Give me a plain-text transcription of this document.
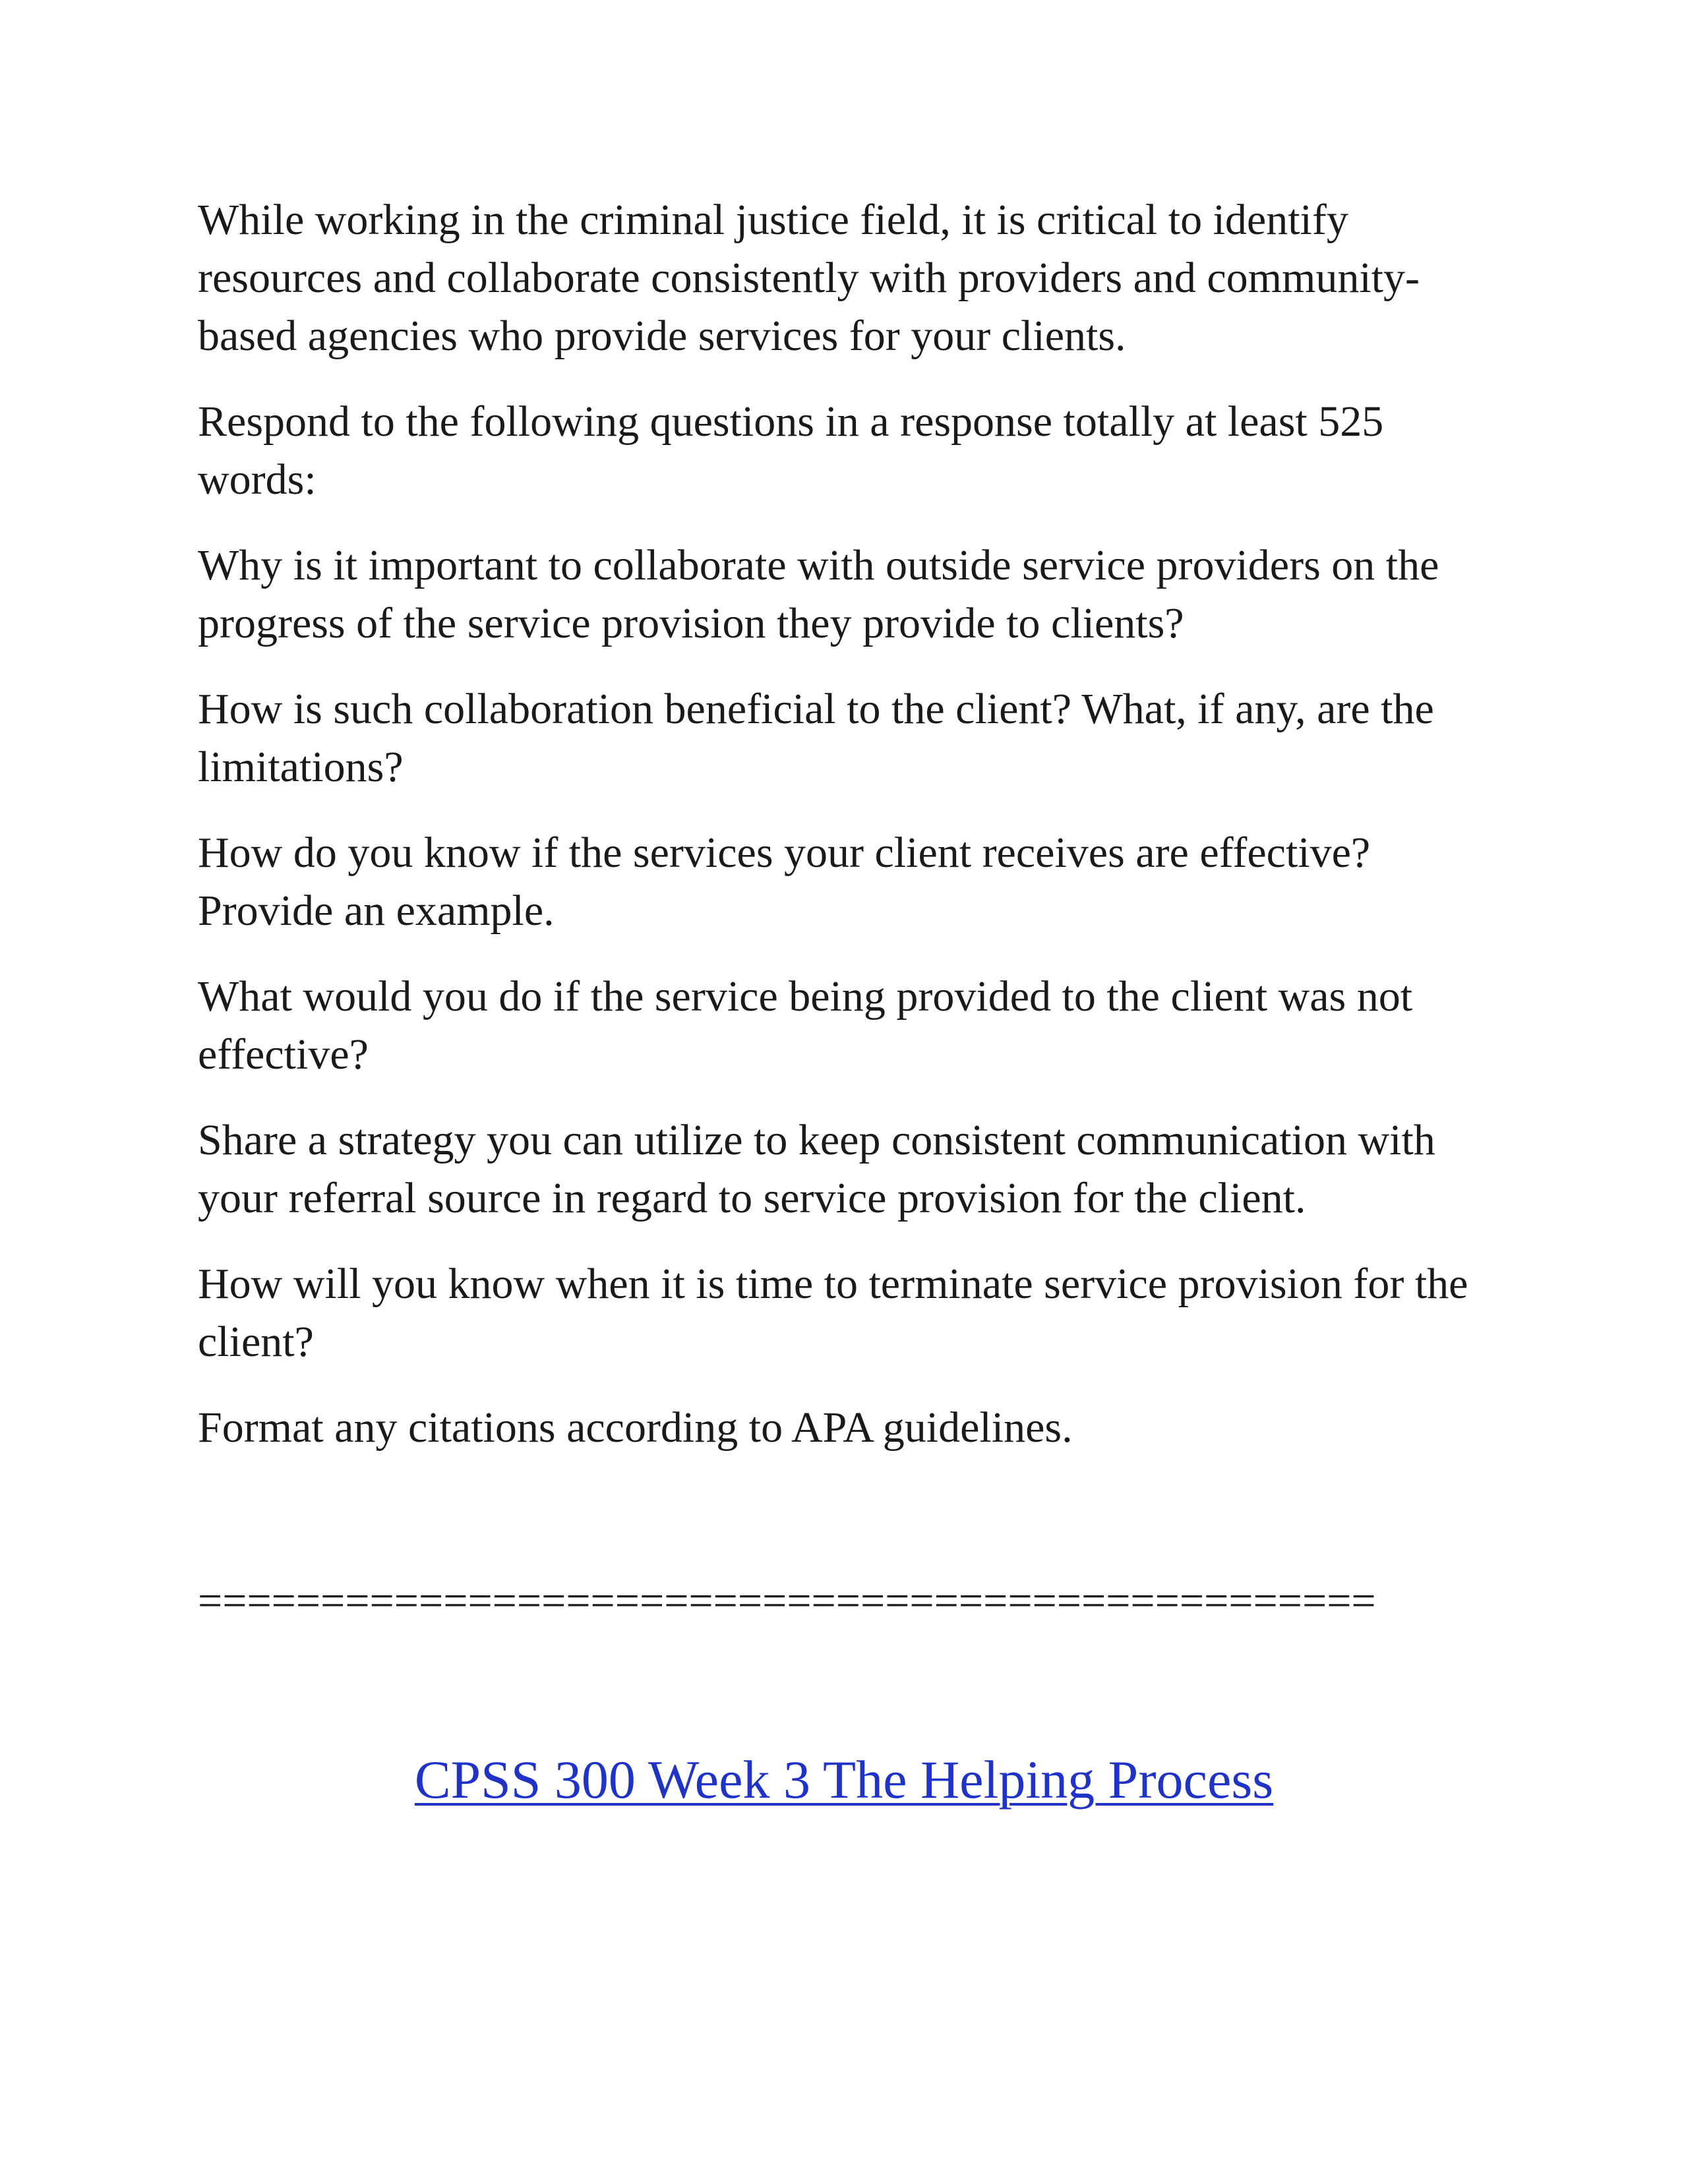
While working in the criminal justice field, it is critical to identify
resources and collaborate consistently with providers and community-
based agencies who provide services for your clients.

Respond to the following questions in a response totally at least 525
words:

Why is it important to collaborate with outside service providers on the
progress of the service provision they provide to clients?

How is such collaboration beneficial to the client? What, if any, are the
limitations?

How do you know if the services your client receives are effective?
Provide an example.

What would you do if the service being provided to the client was not
effective?

Share a strategy you can utilize to keep consistent communication with
your referral source in regard to service provision for the client.

How will you know when it is time to terminate service provision for the
client?

Format any citations according to APA guidelines.

================================================
CPSS 300 Week 3 The Helping Process
